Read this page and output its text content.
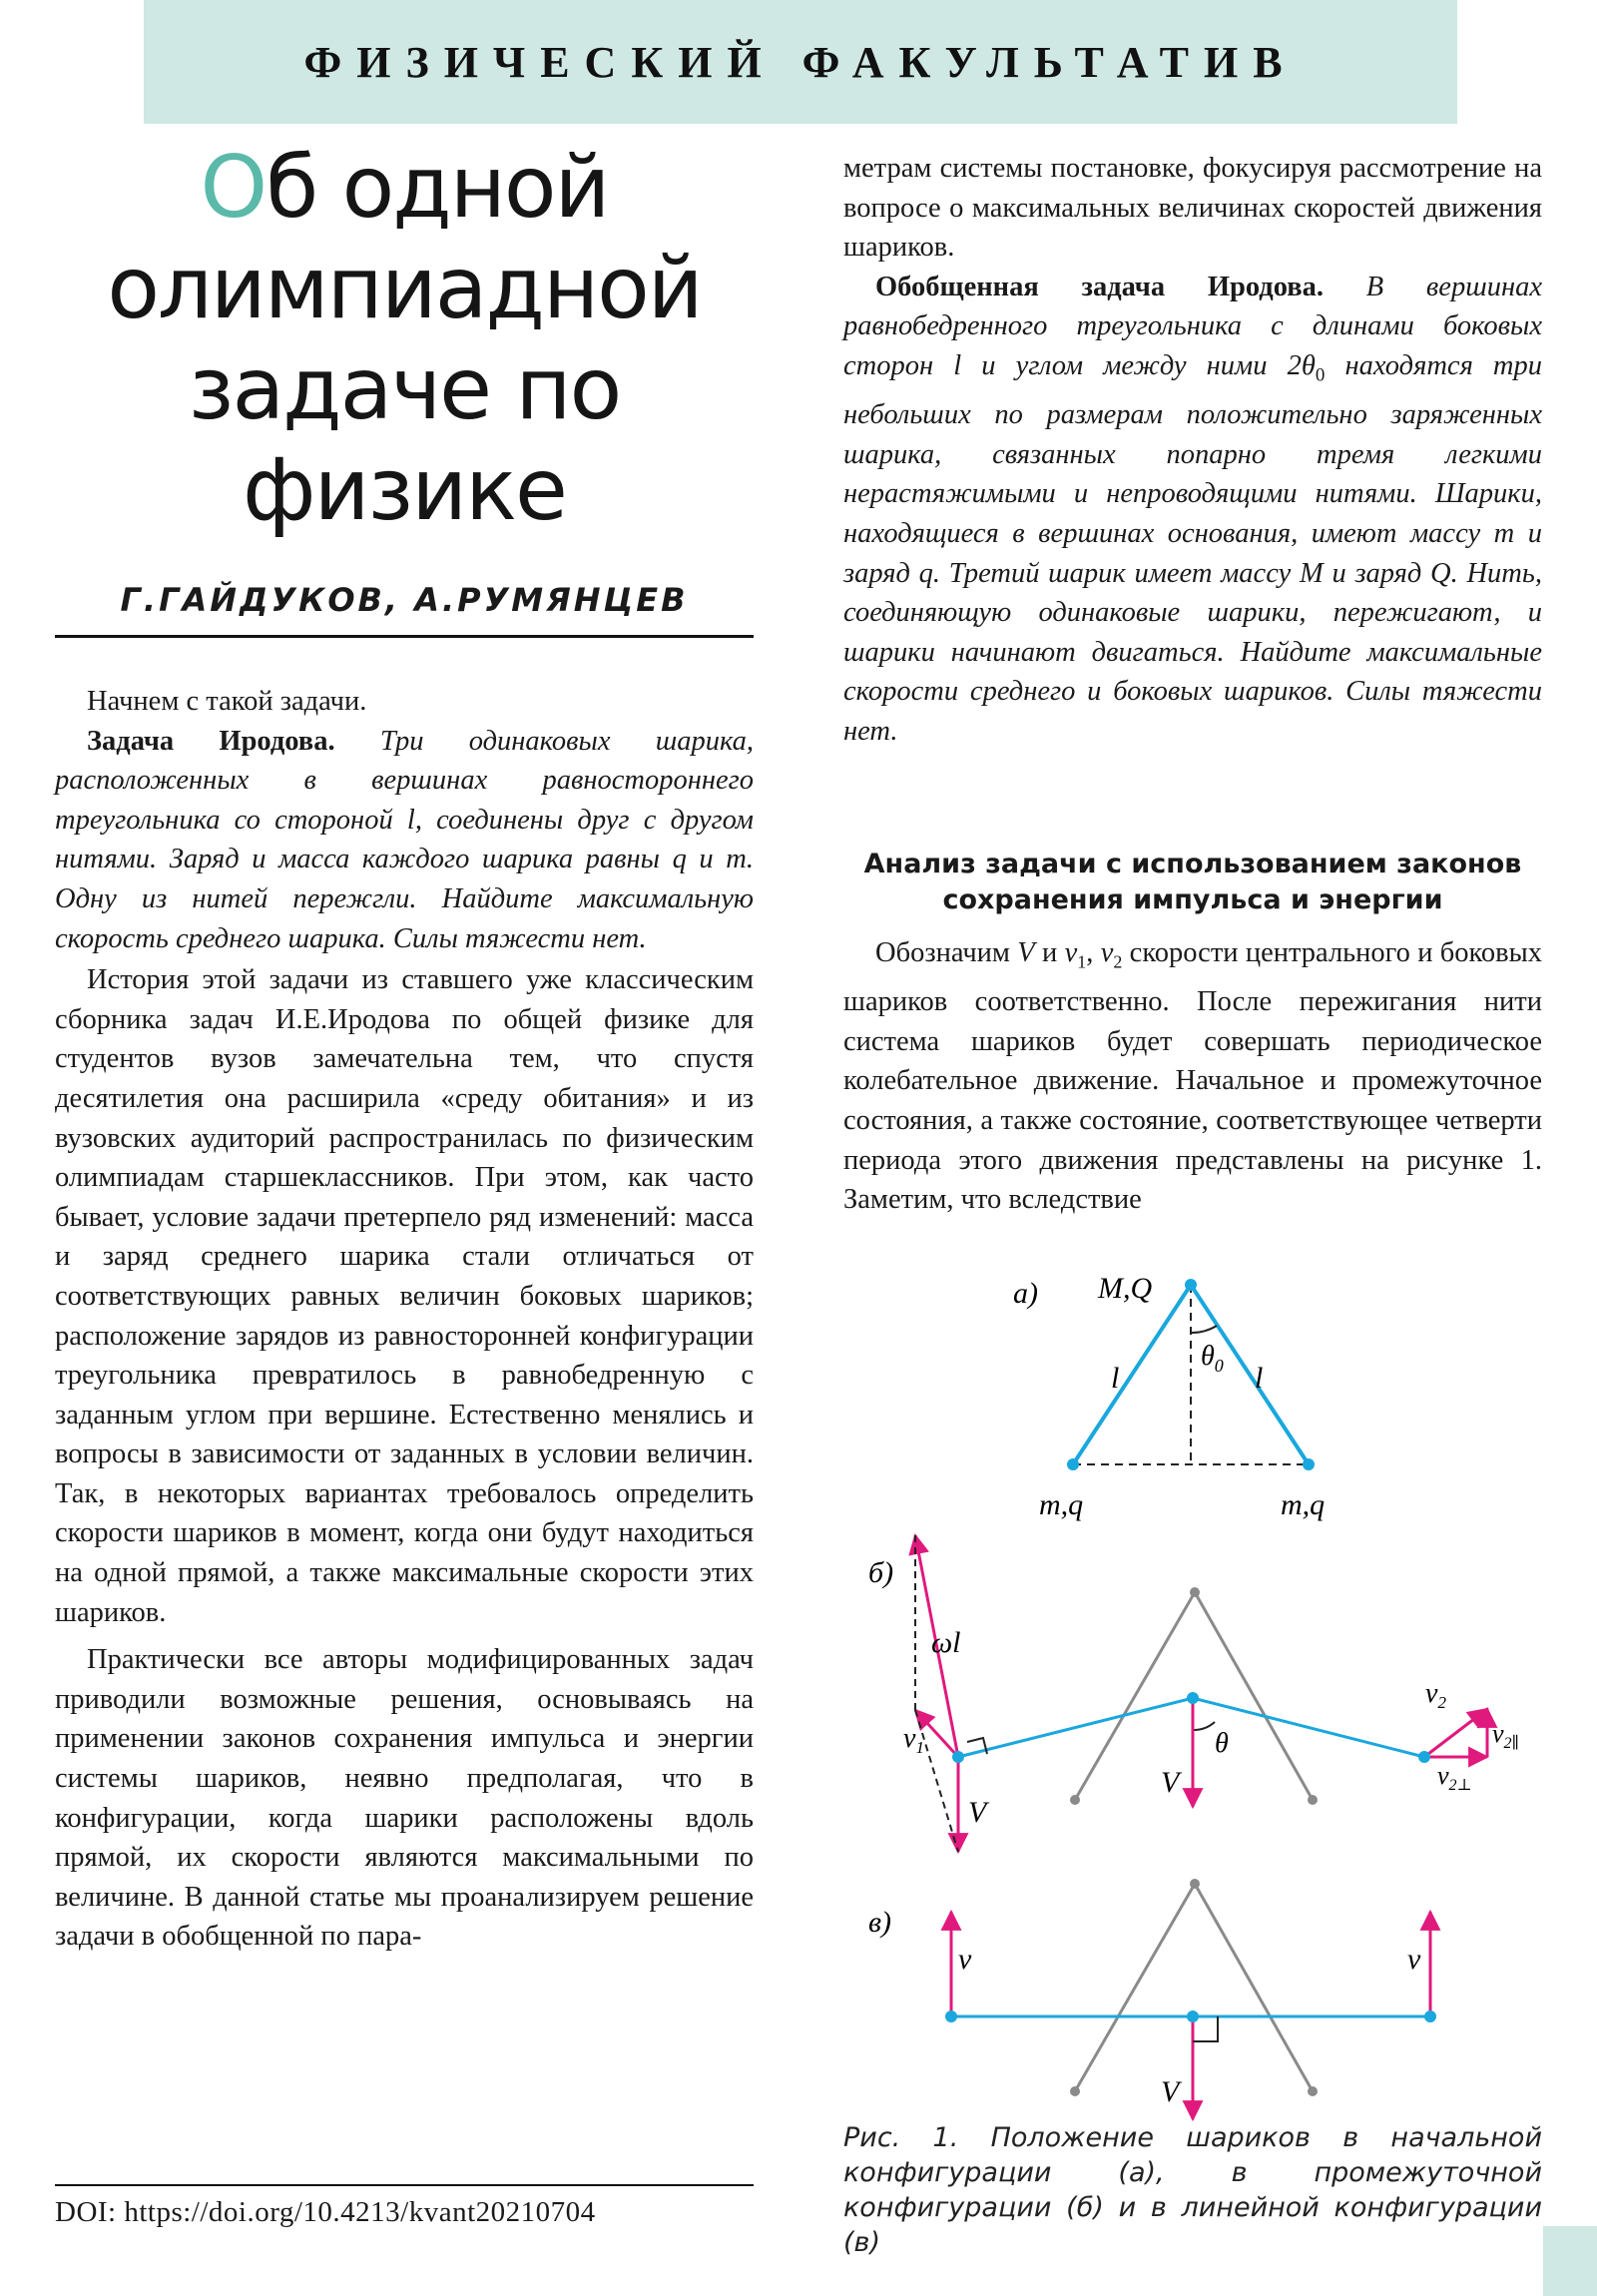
ФИЗИЧЕСКИЙ ФАКУЛЬТАТИВ
Об одной
олимпиадной
задаче по
физике
Г.ГАЙДУКОВ, А.РУМЯНЦЕВ

Начнем с такой задачи.

Задача Иродова. Три одинаковых шарика, расположенных в вершинах равностороннего треугольника со стороной l, соединены друг с другом нитями. Заряд и масса каждого шарика равны q и m. Одну из нитей пережгли. Найдите максимальную скорость среднего шарика. Силы тяжести нет.

История этой задачи из ставшего уже классическим сборника задач И.Е.Иродова по общей физике для студентов вузов замечательна тем, что спустя десятилетия она расширила «среду обитания» и из вузовских аудиторий распространилась по физическим олимпиадам старшеклассников. При этом, как часто бывает, условие задачи претерпело ряд изменений: масса и заряд среднего шарика стали отличаться от соответствующих равных величин боковых шариков; расположение зарядов из равносторонней конфигурации треугольника превратилось в равнобедренную с заданным углом при вершине. Естественно менялись и вопросы в зависимости от заданных в условии величин. Так, в некоторых вариантах требовалось определить скорости шариков в момент, когда они будут находиться на одной прямой, а также максимальные скорости этих шариков.

Практически все авторы модифицированных задач приводили возможные решения, основываясь на применении законов сохранения импульса и энергии системы шариков, неявно предполагая, что в конфигурации, когда шарики расположены вдоль прямой, их скорости являются максимальными по величине. В данной статье мы проанализируем решение задачи в обобщенной по пара-

DOI: https://doi.org/10.4213/kvant20210704

метрам системы постановке, фокусируя рассмотрение на вопросе о максимальных величинах скоростей движения шариков.

Обобщенная задача Иродова. В вершинах равнобедренного треугольника с длинами боковых сторон l и углом между ними $2\theta_0$ находятся три небольших по размерам положительно заряженных шарика, связанных попарно тремя легкими нерастяжимыми и непроводящими нитями. Шарики, находящиеся в вершинах основания, имеют массу m и заряд q. Третий шарик имеет массу M и заряд Q. Нить, соединяющую одинаковые шарики, пережигают, и шарики начинают двигаться. Найдите максимальные скорости среднего и боковых шариков. Силы тяжести нет.

Анализ задачи с использованием законов
сохранения импульса и энергии

Обозначим V и $v_1$, $v_2$ скорости центрального и боковых шариков соответственно. После пережигания нити система шариков будет совершать периодическое колебательное движение. Начальное и промежуточное состояния, а также состояние, соответствующее четверти периода этого движения представлены на рисунке 1. Заметим, что вследствие

а) M,Q
$\theta_0$
l	l
m,q	m,q
б)
ωl
$v_1$
V
V
θ
$v_2$
$v_{2\parallel}$
$v_{2\perp}$
в)
v	v
V
Рис. 1. Положение шариков в начальной конфигурации (а), в промежуточной конфигурации (б) и в линейной конфигурации (в)
